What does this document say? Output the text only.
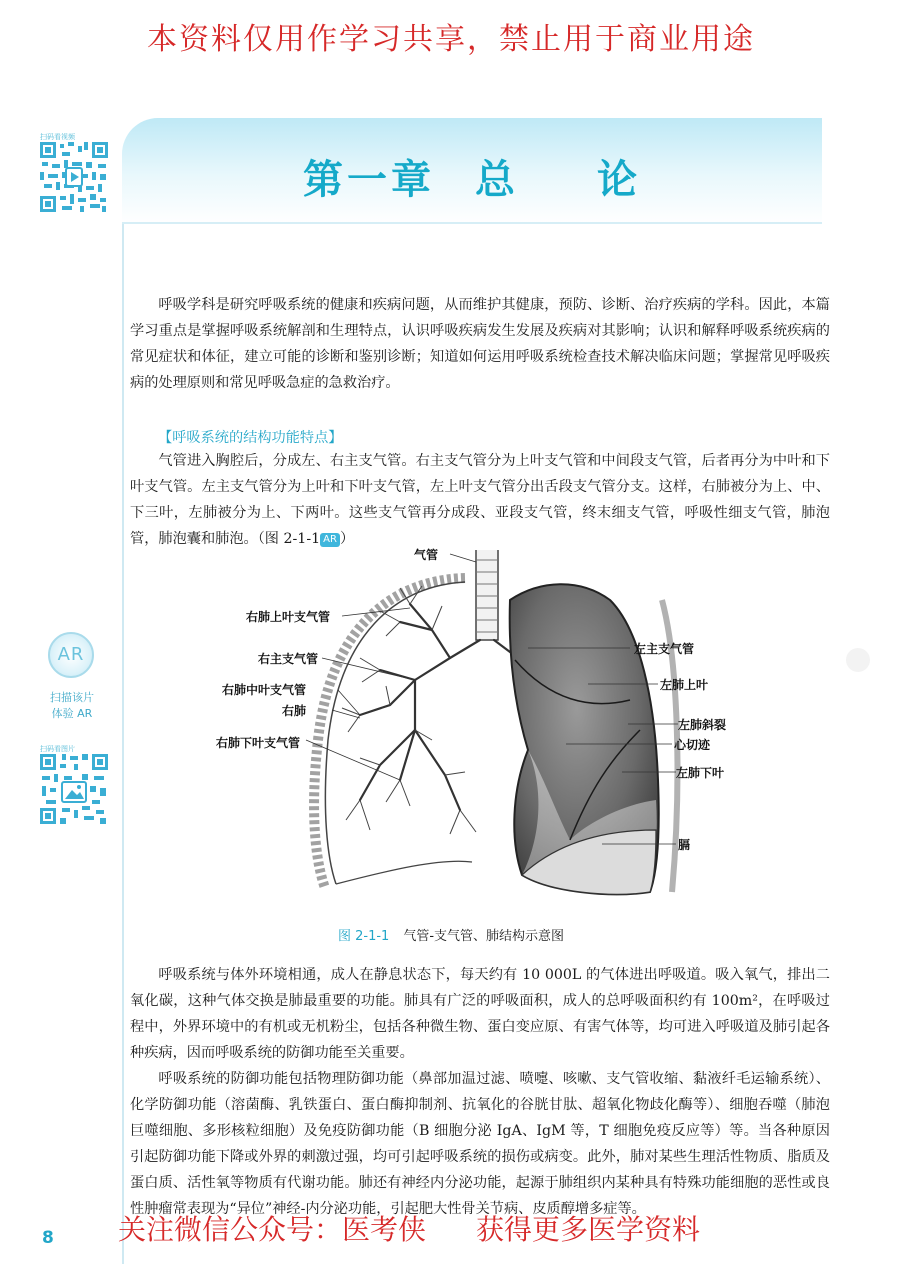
本资料仅用作学习共享，禁止用于商业用途
第一章 总 论
扫码看视频
AR
扫描该片
体验 AR
扫码看图片

呼吸学科是研究呼吸系统的健康和疾病问题，从而维护其健康，预防、诊断、治疗疾病的学科。因此，本篇学习重点是掌握呼吸系统解剖和生理特点，认识呼吸疾病发生发展及疾病对其影响；认识和解释呼吸系统疾病的常见症状和体征，建立可能的诊断和鉴别诊断；知道如何运用呼吸系统检查技术解决临床问题；掌握常见呼吸疾病的处理原则和常见呼吸急症的急救治疗。

【呼吸系统的结构功能特点】

气管进入胸腔后，分成左、右主支气管。右主支气管分为上叶支气管和中间段支气管，后者再分为中叶和下叶支气管。左主支气管分为上叶和下叶支气管，左上叶支气管分出舌段支气管分支。这样，右肺被分为上、中、下三叶，左肺被分为上、下两叶。这些支气管再分成段、亚段支气管，终末细支气管，呼吸性细支气管，肺泡管，肺泡囊和肺泡。（图 2-1-1 AR ）

气管
右肺上叶支气管
右主支气管
右肺中叶支气管
右肺
右肺下叶支气管
左主支气管
左肺上叶
左肺斜裂
心切迹
左肺下叶
膈
图 2-1-1 气管-支气管、肺结构示意图

呼吸系统与体外环境相通，成人在静息状态下，每天约有 10 000L 的气体进出呼吸道。吸入氧气，排出二氧化碳，这种气体交换是肺最重要的功能。肺具有广泛的呼吸面积，成人的总呼吸面积约有 100m²，在呼吸过程中，外界环境中的有机或无机粉尘，包括各种微生物、蛋白变应原、有害气体等，均可进入呼吸道及肺引起各种疾病，因而呼吸系统的防御功能至关重要。

呼吸系统的防御功能包括物理防御功能（鼻部加温过滤、喷嚏、咳嗽、支气管收缩、黏液纤毛运输系统）、化学防御功能（溶菌酶、乳铁蛋白、蛋白酶抑制剂、抗氧化的谷胱甘肽、超氧化物歧化酶等）、细胞吞噬（肺泡巨噬细胞、多形核粒细胞）及免疫防御功能（B 细胞分泌 IgA、IgM 等，T 细胞免疫反应等）等。当各种原因引起防御功能下降或外界的刺激过强，均可引起呼吸系统的损伤或病变。此外，肺对某些生理活性物质、脂质及蛋白质、活性氧等物质有代谢功能。肺还有神经内分泌功能，起源于肺组织内某种具有特殊功能细胞的恶性或良性肿瘤常表现为“异位”神经-内分泌功能，引起肥大性骨关节病、皮质醇增多症等。

8 关注微信公众号：医考侠 获得更多医学资料
